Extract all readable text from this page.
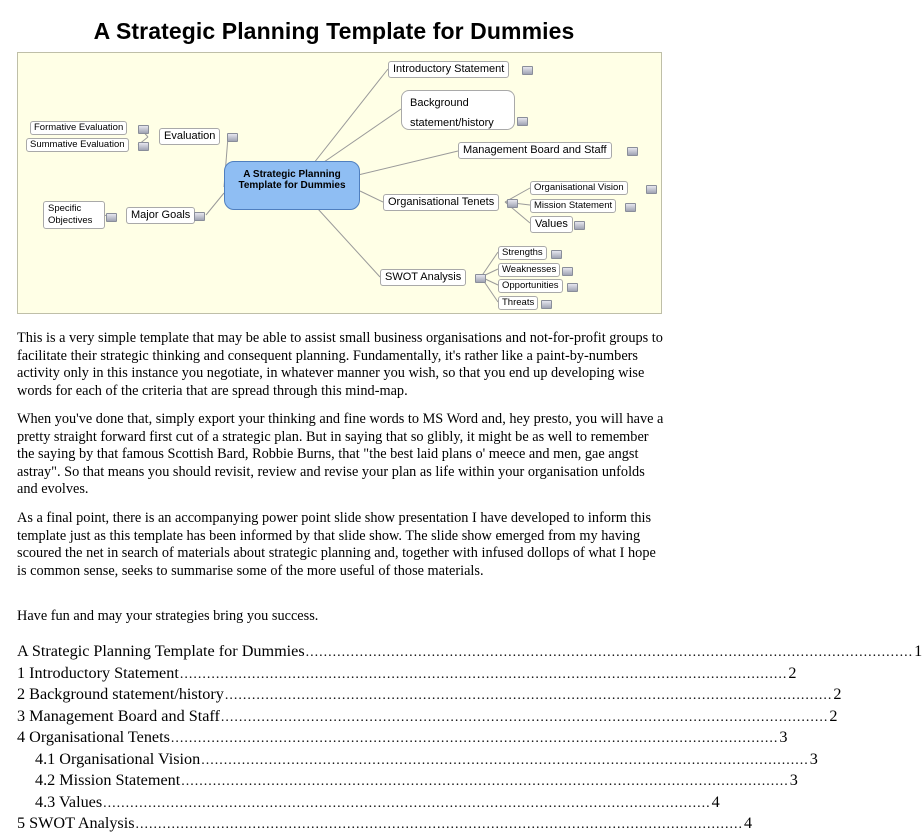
A Strategic Planning Template for Dummies
A Strategic Planning Template for Dummies
Introductory Statement
Background statement/history
Management Board and Staff
Organisational Tenets
Organisational Vision
Mission Statement
Values
SWOT Analysis
Strengths
Weaknesses
Opportunities
Threats
Evaluation
Formative Evaluation
Summative Evaluation
Major Goals
Specific Objectives
This is a very simple template that may be able to assist small business organisations and not-for-profit groups to facilitate their strategic thinking and consequent planning. Fundamentally, it's rather like a paint-by-numbers activity only in this instance you negotiate, in whatever manner you wish, so that you end up developing wise words for each of the criteria that are spread through this mind-map.
When you've done that, simply export your thinking and fine words to MS Word and, hey presto, you will have a pretty straight forward first cut of a strategic plan. But in saying that so glibly, it might be as well to remember the saying by that famous Scottish Bard, Robbie Burns, that "the best laid plans o' meece and men, gae angst astray". So that means you should revisit, review and revise your plan as life within your organisation unfolds and evolves.
As a final point, there is an accompanying power point slide show presentation I have developed to inform this template just as this template has been informed by that slide show. The slide show emerged from my having scoured the net in search of materials about strategic planning and, together with infused dollops of what I hope is common sense, seeks to summarise some of the more useful of those materials.
Have fun and may your strategies bring you success.
A Strategic Planning Template for Dummies ....................................................................................................................................... 1
1 Introductory Statement ....................................................................................................................................... 2
2 Background statement/history ....................................................................................................................................... 2
3 Management Board and Staff ....................................................................................................................................... 2
4 Organisational Tenets ....................................................................................................................................... 3
4.1 Organisational Vision ....................................................................................................................................... 3
4.2 Mission Statement ....................................................................................................................................... 3
4.3 Values ....................................................................................................................................... 4
5 SWOT Analysis ....................................................................................................................................... 4
